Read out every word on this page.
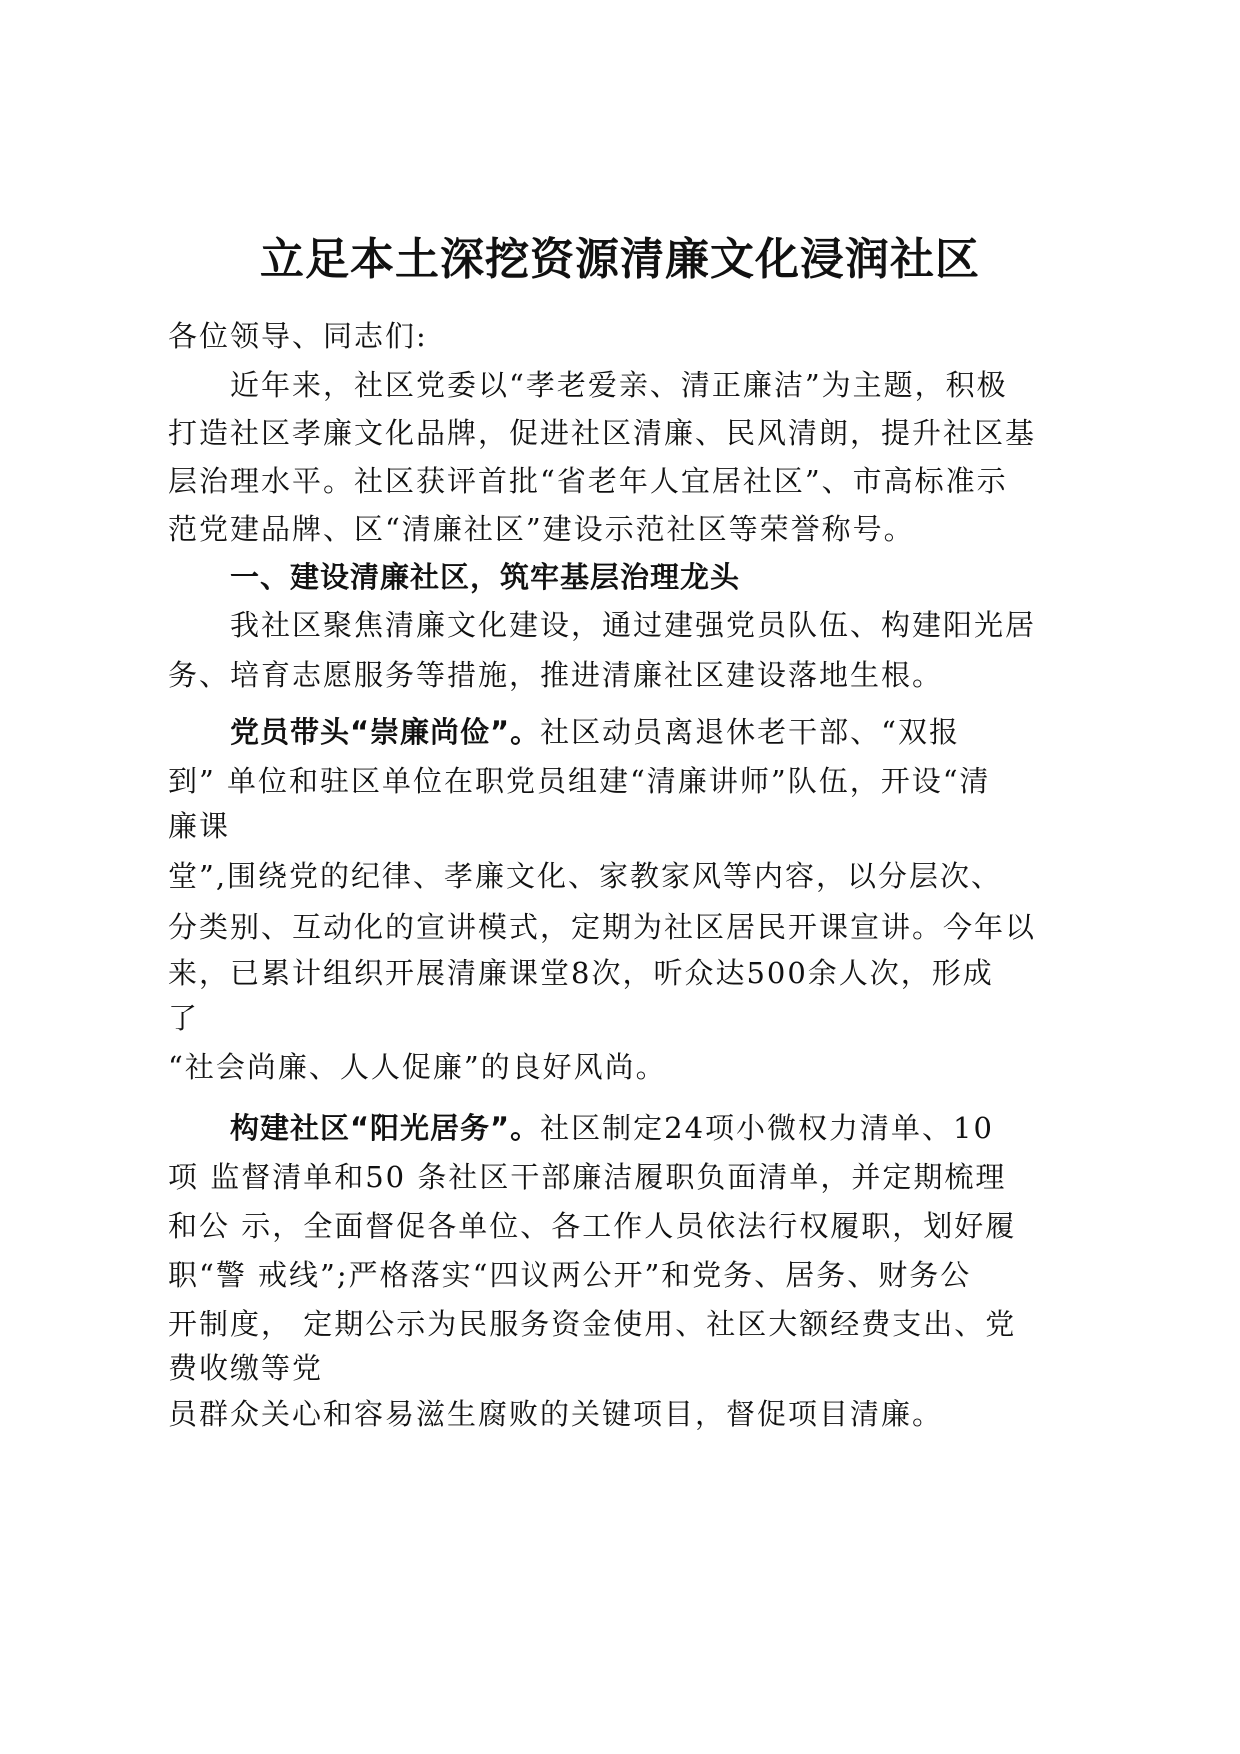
立足本土深挖资源清廉文化浸润社区
各位领导、同志们:
近年来，社区党委以“孝老爱亲、清正廉洁”为主题，积极
打造社区孝廉文化品牌，促进社区清廉、民风清朗，提升社区基
层治理水平。社区获评首批“省老年人宜居社区”、市高标准示
范党建品牌、区“清廉社区”建设示范社区等荣誉称号。
一、建设清廉社区，筑牢基层治理龙头
我社区聚焦清廉文化建设，通过建强党员队伍、构建阳光居
务、培育志愿服务等措施，推进清廉社区建设落地生根。
党员带头“崇廉尚俭”。社区动员离退休老干部、“双报
到” 单位和驻区单位在职党员组建“清廉讲师”队伍，开设“清
廉课
堂”,围绕党的纪律、孝廉文化、家教家风等内容，以分层次、
分类别、互动化的宣讲模式，定期为社区居民开课宣讲。今年以
来，已累计组织开展清廉课堂8次，听众达500余人次，形成
了
“社会尚廉、人人促廉”的良好风尚。
构建社区“阳光居务”。社区制定24项小微权力清单、10
项 监督清单和50 条社区干部廉洁履职负面清单，并定期梳理
和公 示，全面督促各单位、各工作人员依法行权履职，划好履
职“警 戒线”;严格落实“四议两公开”和党务、居务、财务公
开制度， 定期公示为民服务资金使用、社区大额经费支出、党
费收缴等党
员群众关心和容易滋生腐败的关键项目，督促项目清廉。
